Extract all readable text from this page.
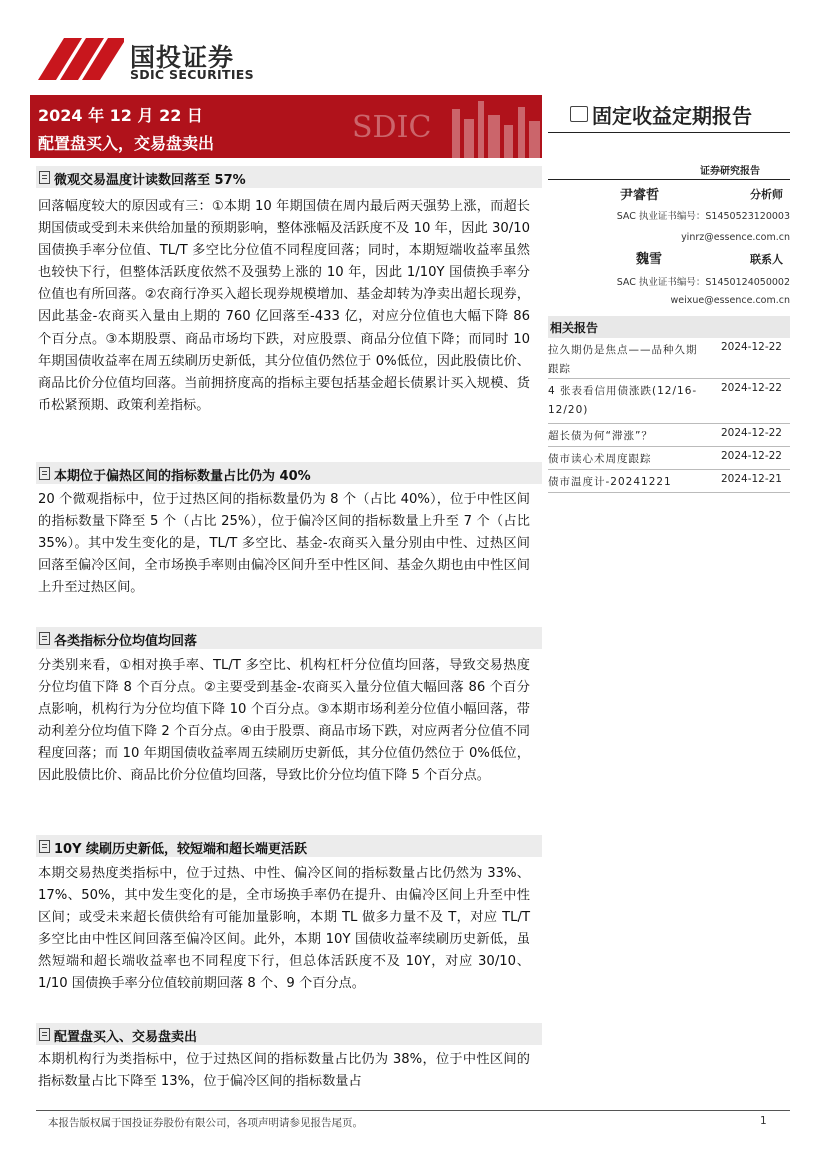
国投证券
SDIC SECURITIES
SDIC
2024 年 12 月 22 日
配置盘买入，交易盘卖出
固定收益定期报告
证券研究报告
尹睿哲	分析师
SAC 执业证书编号：S1450523120003
yinrz@essence.com.cn
魏雪	联系人
SAC 执业证书编号：S1450124050002
weixue@essence.com.cn
相关报告
拉久期仍是焦点——品种久期跟踪
2024-12-22
4 张表看信用债涨跌(12/16-12/20)
2024-12-22
超长债为何“滞涨”？	2024-12-22
债市读心术周度跟踪	2024-12-22
债市温度计-20241221	2024-12-21
微观交易温度计读数回落至 57%
回落幅度较大的原因或有三：①本期 10 年期国债在周内最后两天强势上涨，而超长期国债或受到未来供给加量的预期影响，整体涨幅及活跃度不及 10 年，因此 30/10 国债换手率分位值、TL/T 多空比分位值不同程度回落；同时，本期短端收益率虽然也较快下行，但整体活跃度依然不及强势上涨的 10 年，因此 1/10Y 国债换手率分位值也有所回落。②农商行净买入超长现券规模增加、基金却转为净卖出超长现券，因此基金-农商买入量由上期的 760 亿回落至-433 亿，对应分位值也大幅下降 86 个百分点。③本期股票、商品市场均下跌，对应股票、商品分位值下降；而同时 10 年期国债收益率在周五续刷历史新低，其分位值仍然位于 0%低位，因此股债比价、商品比价分位值均回落。当前拥挤度高的指标主要包括基金超长债累计买入规模、货币松紧预期、政策利差指标。
本期位于偏热区间的指标数量占比仍为 40%
20 个微观指标中，位于过热区间的指标数量仍为 8 个（占比 40%），位于中性区间的指标数量下降至 5 个（占比 25%），位于偏冷区间的指标数量上升至 7 个（占比 35%）。其中发生变化的是，TL/T 多空比、基金-农商买入量分别由中性、过热区间回落至偏冷区间，全市场换手率则由偏冷区间升至中性区间、基金久期也由中性区间上升至过热区间。
各类指标分位均值均回落
分类别来看，①相对换手率、TL/T 多空比、机构杠杆分位值均回落，导致交易热度分位均值下降 8 个百分点。②主要受到基金-农商买入量分位值大幅回落 86 个百分点影响，机构行为分位均值下降 10 个百分点。③本期市场利差分位值小幅回落，带动利差分位均值下降 2 个百分点。④由于股票、商品市场下跌，对应两者分位值不同程度回落；而 10 年期国债收益率周五续刷历史新低，其分位值仍然位于 0%低位，因此股债比价、商品比价分位值均回落，导致比价分位均值下降 5 个百分点。
10Y 续刷历史新低，较短端和超长端更活跃
本期交易热度类指标中，位于过热、中性、偏冷区间的指标数量占比仍然为 33%、17%、50%，其中发生变化的是，全市场换手率仍在提升、由偏冷区间上升至中性区间；或受未来超长债供给有可能加量影响，本期 TL 做多力量不及 T，对应 TL/T 多空比由中性区间回落至偏冷区间。此外，本期 10Y 国债收益率续刷历史新低，虽然短端和超长端收益率也不同程度下行，但总体活跃度不及 10Y，对应 30/10、1/10 国债换手率分位值较前期回落 8 个、9 个百分点。
配置盘买入、交易盘卖出
本期机构行为类指标中，位于过热区间的指标数量占比仍为 38%，位于中性区间的指标数量占比下降至 13%，位于偏冷区间的指标数量占
本报告版权属于国投证券股份有限公司，各项声明请参见报告尾页。	1
